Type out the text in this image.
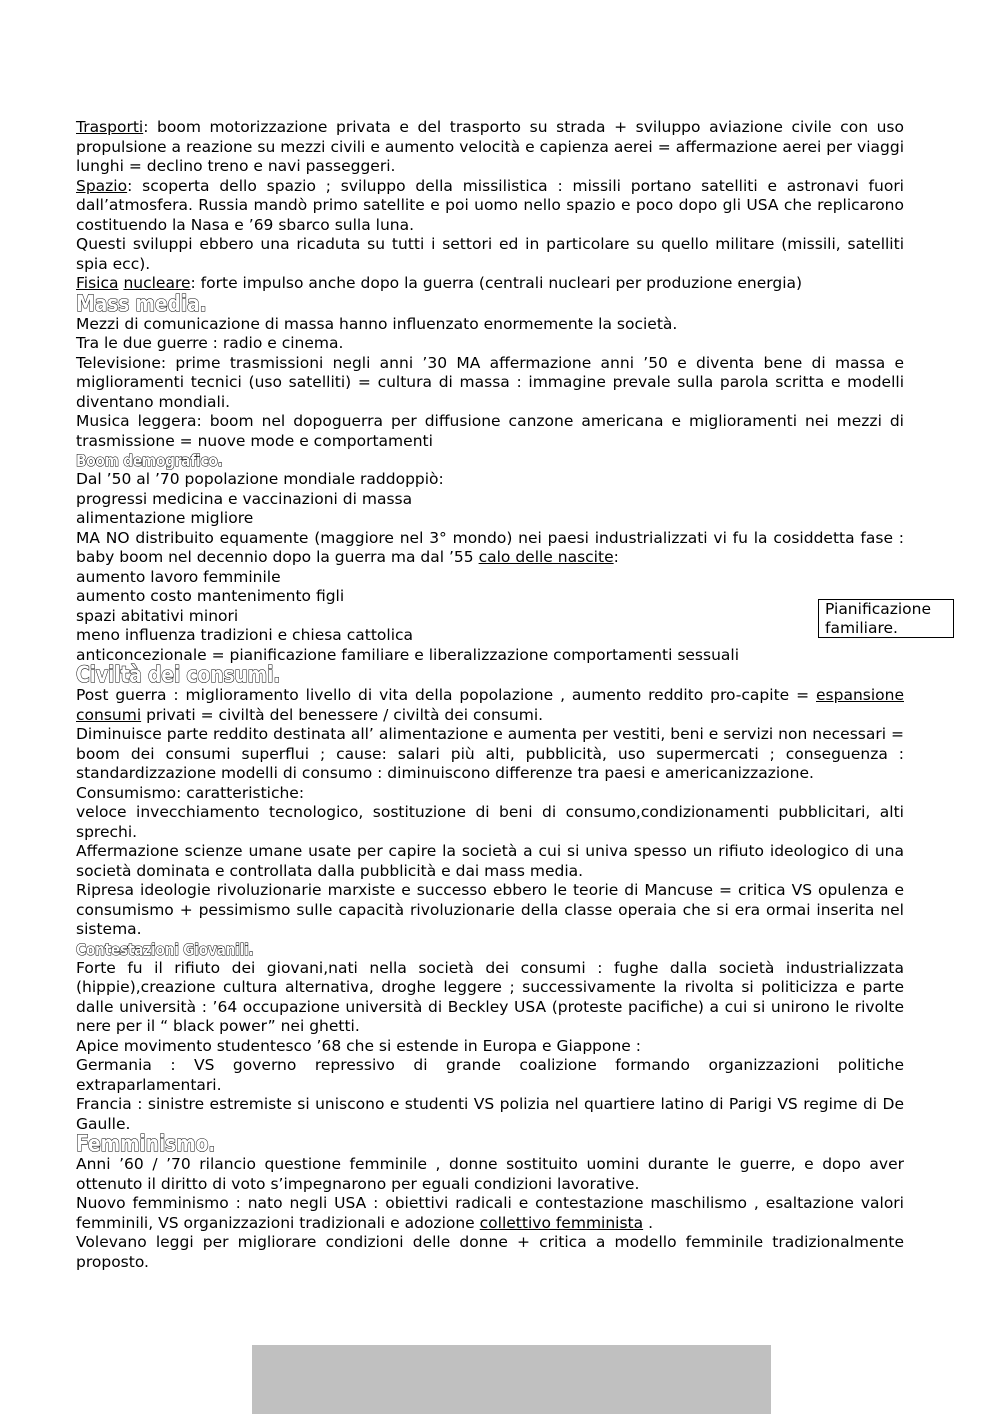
Trasporti: boom motorizzazione privata e del trasporto su strada + sviluppo aviazione civile con uso propulsione a reazione su mezzi civili e aumento velocità e capienza aerei = affermazione aerei per viaggi lunghi = declino treno e navi passeggeri.

Spazio: scoperta dello spazio ; sviluppo della missilistica : missili portano satelliti e astronavi fuori dall’atmosfera. Russia mandò primo satellite e poi uomo nello spazio e poco dopo gli USA che replicarono costituendo la Nasa e ’69 sbarco sulla luna.

Questi sviluppi ebbero una ricaduta su tutti i settori ed in particolare su quello militare (missili, satelliti spia ecc).

Fisica nucleare: forte impulso anche dopo la guerra (centrali nucleari per produzione energia)

Mass media.

Mezzi di comunicazione di massa hanno influenzato enormemente la società.

Tra le due guerre : radio e cinema.

Televisione: prime trasmissioni negli anni ’30 MA affermazione anni ’50 e diventa bene di massa e miglioramenti tecnici (uso satelliti) = cultura di massa : immagine prevale sulla parola scritta e modelli diventano mondiali.

Musica leggera: boom nel dopoguerra per diffusione canzone americana e miglioramenti nei mezzi di trasmissione = nuove mode e comportamenti

Boom demografico.

Dal ’50 al ’70 popolazione mondiale raddoppiò:

progressi medicina e vaccinazioni di massa

alimentazione migliore

MA NO distribuito equamente (maggiore nel 3° mondo) nei paesi industrializzati vi fu la cosiddetta fase : baby boom nel decennio dopo la guerra ma dal ’55 calo delle nascite:

aumento lavoro femminile

aumento costo mantenimento figli

spazi abitativi minori

meno influenza tradizioni e chiesa cattolica

anticoncezionale = pianificazione familiare e liberalizzazione comportamenti sessuali

Civiltà dei consumi.

Post guerra : miglioramento livello di vita della popolazione , aumento reddito pro-capite = espansione consumi privati = civiltà del benessere / civiltà dei consumi.

Diminuisce parte reddito destinata all’ alimentazione e aumenta per vestiti, beni e servizi non necessari = boom dei consumi superflui ; cause: salari più alti, pubblicità, uso supermercati ; conseguenza : standardizzazione modelli di consumo : diminuiscono differenze tra paesi e americanizzazione.

Consumismo: caratteristiche:

veloce invecchiamento tecnologico, sostituzione di beni di consumo,condizionamenti pubblicitari, alti sprechi.

Affermazione scienze umane usate per capire la società a cui si univa spesso un rifiuto ideologico di una società dominata e controllata dalla pubblicità e dai mass media.

Ripresa ideologie rivoluzionarie marxiste e successo ebbero le teorie di Mancuse = critica VS opulenza e consumismo + pessimismo sulle capacità rivoluzionarie della classe operaia che si era ormai inserita nel sistema.

Contestazioni Giovanili.

Forte fu il rifiuto dei giovani,nati nella società dei consumi : fughe dalla società industrializzata (hippie),creazione cultura alternativa, droghe leggere ; successivamente la rivolta si politicizza e parte dalle università : ’64 occupazione università di Beckley USA (proteste pacifiche) a cui si unirono le rivolte nere per il “ black power” nei ghetti.

Apice movimento studentesco ’68 che si estende in Europa e Giappone :

Germania : VS governo repressivo di grande coalizione formando organizzazioni politiche extraparlamentari.

Francia : sinistre estremiste si uniscono e studenti VS polizia nel quartiere latino di Parigi VS regime di De Gaulle.

Femminismo.

Anni ’60 / ’70 rilancio questione femminile , donne sostituito uomini durante le guerre, e dopo aver ottenuto il diritto di voto s’impegnarono per eguali condizioni lavorative.

Nuovo femminismo : nato negli USA : obiettivi radicali e contestazione maschilismo , esaltazione valori femminili, VS organizzazioni tradizionali e adozione collettivo femminista .

Volevano leggi per migliorare condizioni delle donne + critica a modello femminile tradizionalmente proposto.

Pianificazione
familiare.
